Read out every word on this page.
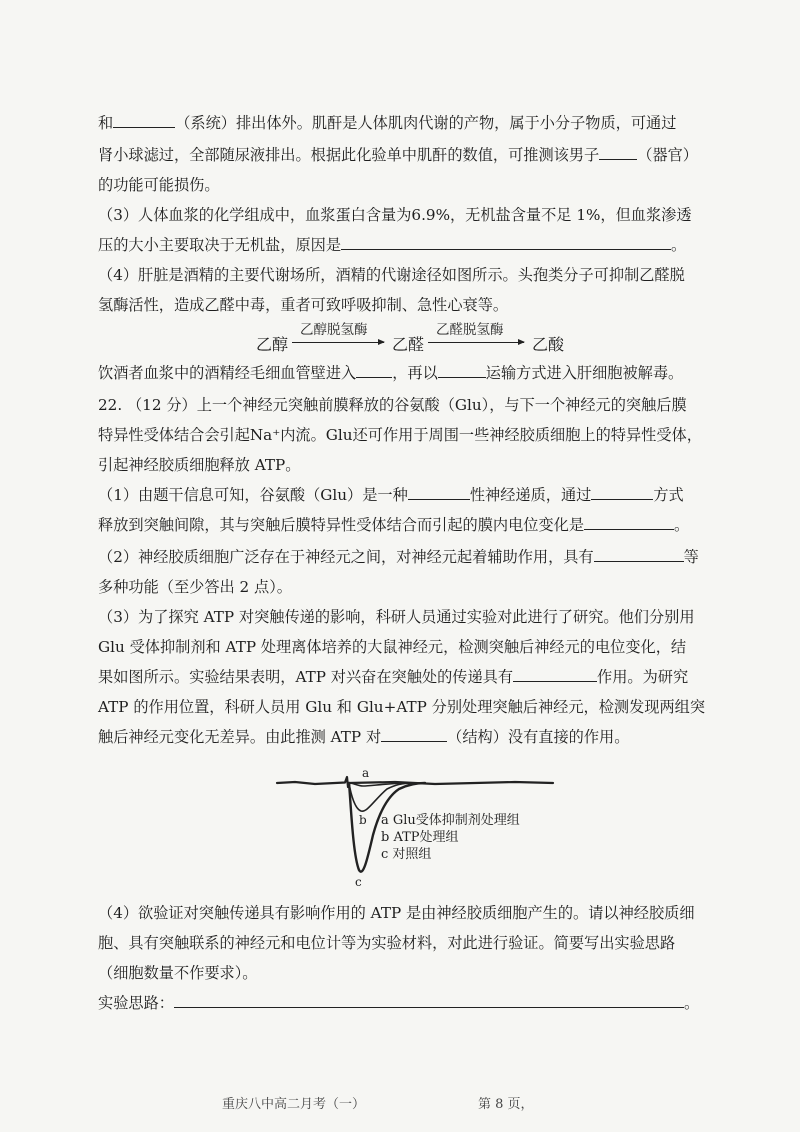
和	（系统）排出体外。肌酐是人体肌肉代谢的产物，属于小分子物质，可通过
肾小球滤过，全部随尿液排出。根据此化验单中肌酐的数值，可推测该男子	（器官）
的功能可能损伤。
（3）人体血浆的化学组成中，血浆蛋白含量为6.9%，无机盐含量不足 1%，但血浆渗透
压的大小主要取决于无机盐，原因是	。
（4）肝脏是酒精的主要代谢场所，酒精的代谢途径如图所示。头孢类分子可抑制乙醛脱
氢酶活性，造成乙醛中毒，重者可致呼吸抑制、急性心衰等。
乙醇
乙醇脱氢酶
乙醛
乙醛脱氢酶
乙酸
饮酒者血浆中的酒精经毛细血管壁进入 ，再以	运输方式进入肝细胞被解毒。
22. （12 分）上一个神经元突触前膜释放的谷氨酸（Glu），与下一个神经元的突触后膜
特异性受体结合会引起Na⁺内流。Glu还可作用于周围一些神经胶质细胞上的特异性受体，
引起神经胶质细胞释放 ATP。
（1）由题干信息可知，谷氨酸（Glu）是一种	性神经递质，通过	方式
释放到突触间隙，其与突触后膜特异性受体结合而引起的膜内电位变化是	。
（2）神经胶质细胞广泛存在于神经元之间，对神经元起着辅助作用，具有	等
多种功能（至少答出 2 点）。
（3）为了探究 ATP 对突触传递的影响，科研人员通过实验对此进行了研究。他们分别用
Glu 受体抑制剂和 ATP 处理离体培养的大鼠神经元，检测突触后神经元的电位变化，结
果如图所示。实验结果表明，ATP 对兴奋在突触处的传递具有	作用。为研究
ATP 的作用位置，科研人员用 Glu 和 Glu+ATP 分别处理突触后神经元，检测发现两组突
触后神经元变化无差异。由此推测 ATP 对	（结构）没有直接的作用。
a
b
c
a Glu受体抑制剂处理组
b ATP处理组
c 对照组
（4）欲验证对突触传递具有影响作用的 ATP 是由神经胶质细胞产生的。请以神经胶质细
胞、具有突触联系的神经元和电位计等为实验材料，对此进行验证。简要写出实验思路
（细胞数量不作要求）。
实验思路：	。
重庆八中高二月考（一）	第 8 页，
